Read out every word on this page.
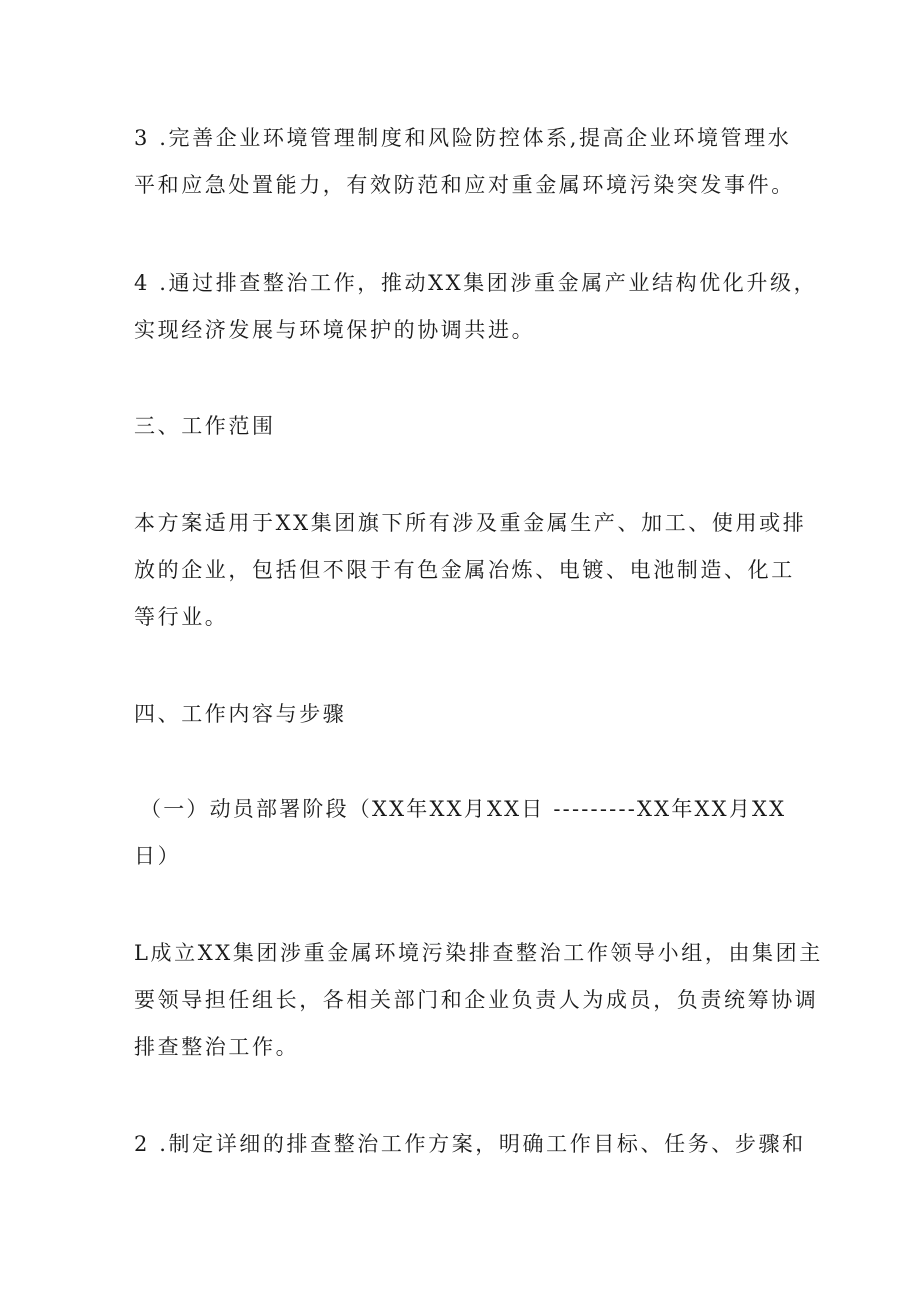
3 .完善企业环境管理制度和风险防控体系,提高企业环境管理水
平和应急处置能力，有效防范和应对重金属环境污染突发事件。
4 .通过排查整治工作，推动XX集团涉重金属产业结构优化升级，
实现经济发展与环境保护的协调共进。
三、工作范围
本方案适用于XX集团旗下所有涉及重金属生产、加工、使用或排
放的企业，包括但不限于有色金属冶炼、电镀、电池制造、化工
等行业。
四、工作内容与步骤
（一）动员部署阶段（XX年XX月XX日 ---------XX年XX月XX
日）
L成立XX集团涉重金属环境污染排查整治工作领导小组，由集团主
要领导担任组长，各相关部门和企业负责人为成员，负责统筹协调
排查整治工作。
2 .制定详细的排查整治工作方案，明确工作目标、任务、步骤和
